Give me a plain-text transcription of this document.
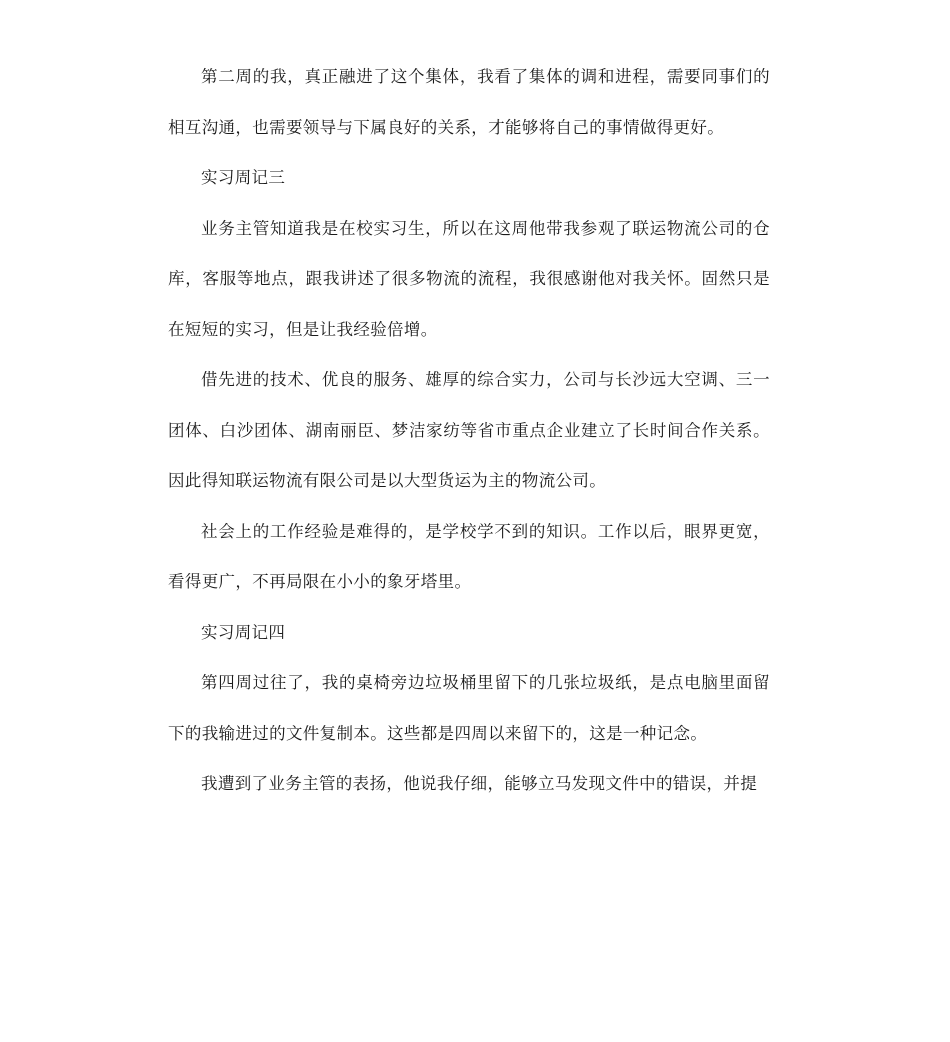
第二周的我，真正融进了这个集体，我看了集体的调和进程，需要同事们的相互沟通，也需要领导与下属良好的关系，才能够将自己的事情做得更好。

实习周记三

业务主管知道我是在校实习生，所以在这周他带我参观了联运物流公司的仓库，客服等地点，跟我讲述了很多物流的流程，我很感谢他对我关怀。固然只是在短短的实习，但是让我经验倍增。

借先进的技术、优良的服务、雄厚的综合实力，公司与长沙远大空调、三一团体、白沙团体、湖南丽臣、梦洁家纺等省市重点企业建立了长时间合作关系。因此得知联运物流有限公司是以大型货运为主的物流公司。

社会上的工作经验是难得的，是学校学不到的知识。工作以后，眼界更宽，看得更广，不再局限在小小的象牙塔里。

实习周记四

第四周过往了，我的桌椅旁边垃圾桶里留下的几张垃圾纸，是点电脑里面留下的我输进过的文件复制本。这些都是四周以来留下的，这是一种记念。

我遭到了业务主管的表扬，他说我仔细，能够立马发现文件中的错误，并提
